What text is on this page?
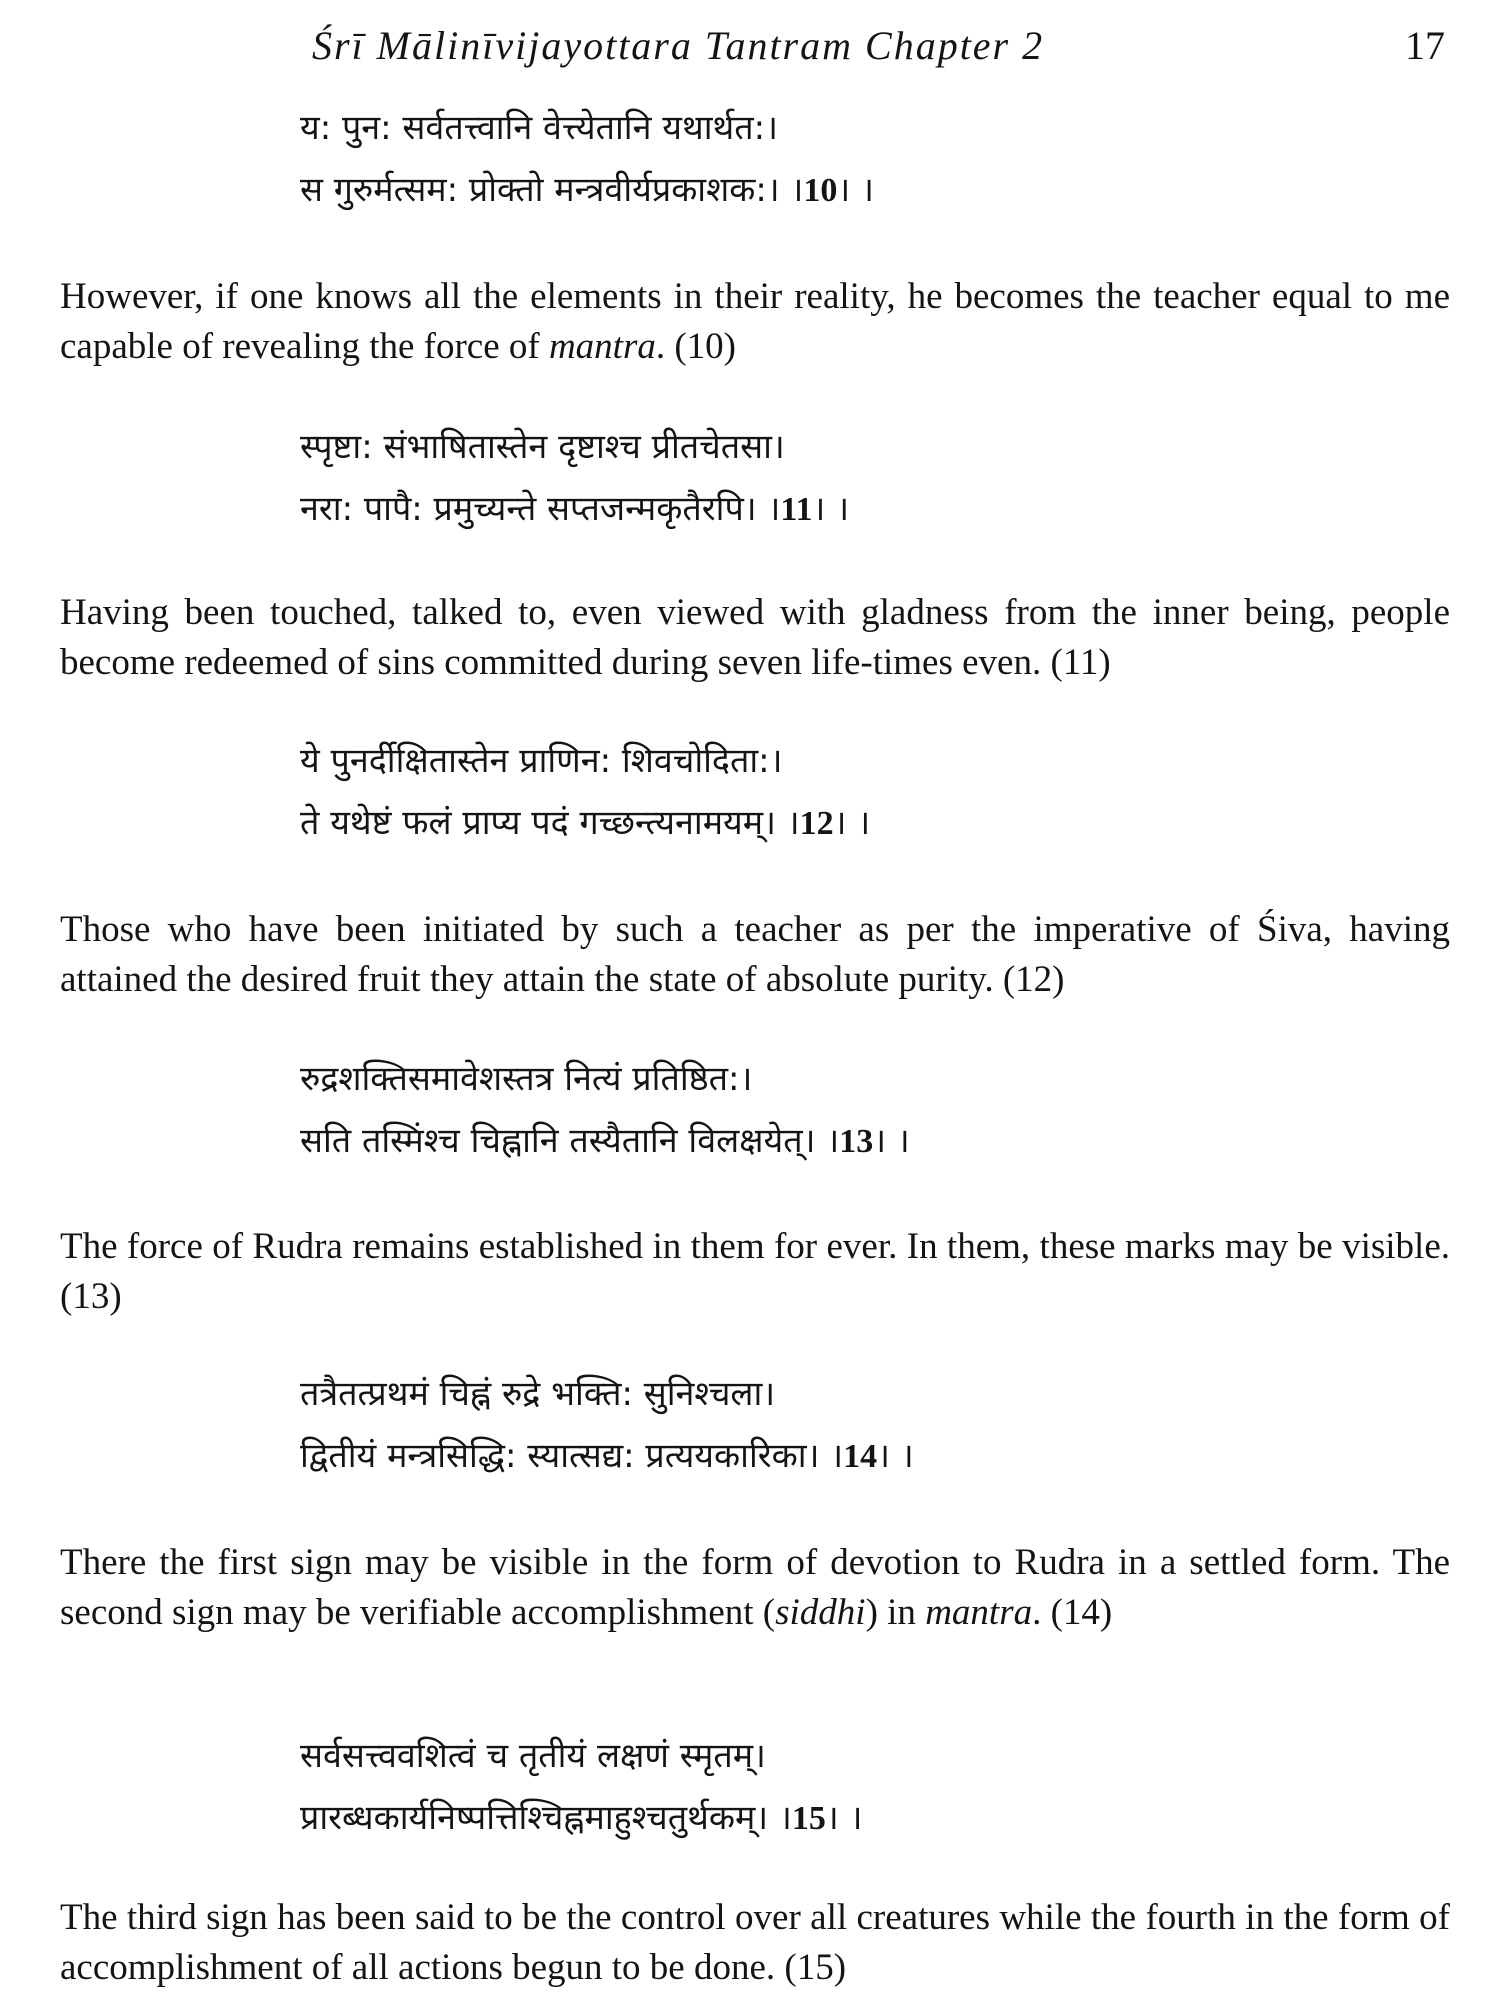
Śrī Mālinīvijayottara Tantram Chapter 2	17
य: पुन: सर्वतत्त्वानि वेत्त्येतानि यथार्थत:।
स गुरुर्मत्सम: प्रोक्तो मन्त्रवीर्यप्रकाशक:। ।10। ।

However, if one knows all the elements in their reality, he becomes the teacher equal to me capable of revealing the force of mantra. (10)

स्पृष्टा: संभाषितास्तेन दृष्टाश्च प्रीतचेतसा।
नरा: पापै: प्रमुच्यन्ते सप्तजन्मकृतैरपि। ।11। ।

Having been touched, talked to, even viewed with gladness from the inner being, people become redeemed of sins committed during seven life-times even. (11)

ये पुनर्दीक्षितास्तेन प्राणिन: शिवचोदिता:।
ते यथेष्टं फलं प्राप्य पदं गच्छन्त्यनामयम्। ।12। ।

Those who have been initiated by such a teacher as per the imperative of Śiva, having attained the desired fruit they attain the state of absolute purity. (12)

रुद्रशक्तिसमावेशस्तत्र नित्यं प्रतिष्ठित:।
सति तस्मिंश्च चिह्नानि तस्यैतानि विलक्षयेत्। ।13। ।

The force of Rudra remains established in them for ever. In them, these marks may be visible. (13)

तत्रैतत्प्रथमं चिह्नं रुद्रे भक्ति: सुनिश्चला।
द्वितीयं मन्त्रसिद्धि: स्यात्सद्य: प्रत्ययकारिका। ।14। ।

There the first sign may be visible in the form of devotion to Rudra in a settled form. The second sign may be verifiable accomplishment (siddhi) in mantra. (14)

सर्वसत्त्ववशित्वं च तृतीयं लक्षणं स्मृतम्।
प्रारब्धकार्यनिष्पत्तिश्चिह्नमाहुश्चतुर्थकम्। ।15। ।

The third sign has been said to be the control over all creatures while the fourth in the form of accomplishment of all actions begun to be done. (15)
